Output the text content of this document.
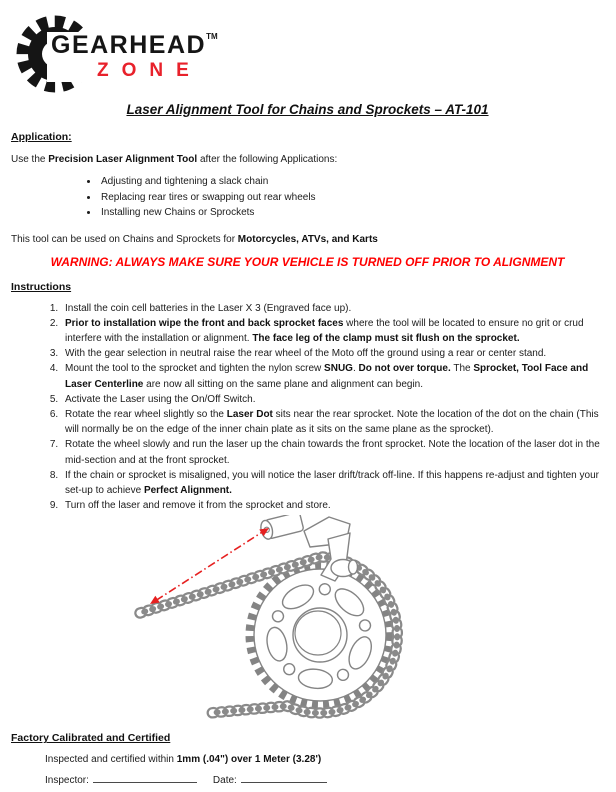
GEARHEAD™
ZONE
Laser Alignment Tool for Chains and Sprockets – AT-101
Application:

Use the Precision Laser Alignment Tool after the following Applications:

• Adjusting and tightening a slack chain
• Replacing rear tires or swapping out rear wheels
• Installing new Chains or Sprockets

This tool can be used on Chains and Sprockets for Motorcycles, ATVs, and Karts

WARNING: ALWAYS MAKE SURE YOUR VEHICLE IS TURNED OFF PRIOR TO ALIGNMENT

Instructions
1. Install the coin cell batteries in the Laser X 3 (Engraved face up).
2. Prior to installation wipe the front and back sprocket faces where the tool will be located to ensure no grit or crud interfere with the installation or alignment. The face leg of the clamp must sit flush on the sprocket.
3. With the gear selection in neutral raise the rear wheel of the Moto off the ground using a rear or center stand.
4. Mount the tool to the sprocket and tighten the nylon screw SNUG. Do not over torque. The Sprocket, Tool Face and Laser Centerline are now all sitting on the same plane and alignment can begin.
5. Activate the Laser using the On/Off Switch.
6. Rotate the rear wheel slightly so the Laser Dot sits near the rear sprocket. Note the location of the dot on the chain (This will normally be on the edge of the inner chain plate as it sits on the same plane as the sprocket).
7. Rotate the wheel slowly and run the laser up the chain towards the front sprocket. Note the location of the laser dot in the mid-section and at the front sprocket.
8. If the chain or sprocket is misaligned, you will notice the laser drift/track off-line. If this happens re-adjust and tighten your set-up to achieve Perfect Alignment.
9. Turn off the laser and remove it from the sprocket and store.
Factory Calibrated and Certified

Inspected and certified within 1mm (.04") over 1 Meter (3.28')

Inspector:	Date:
